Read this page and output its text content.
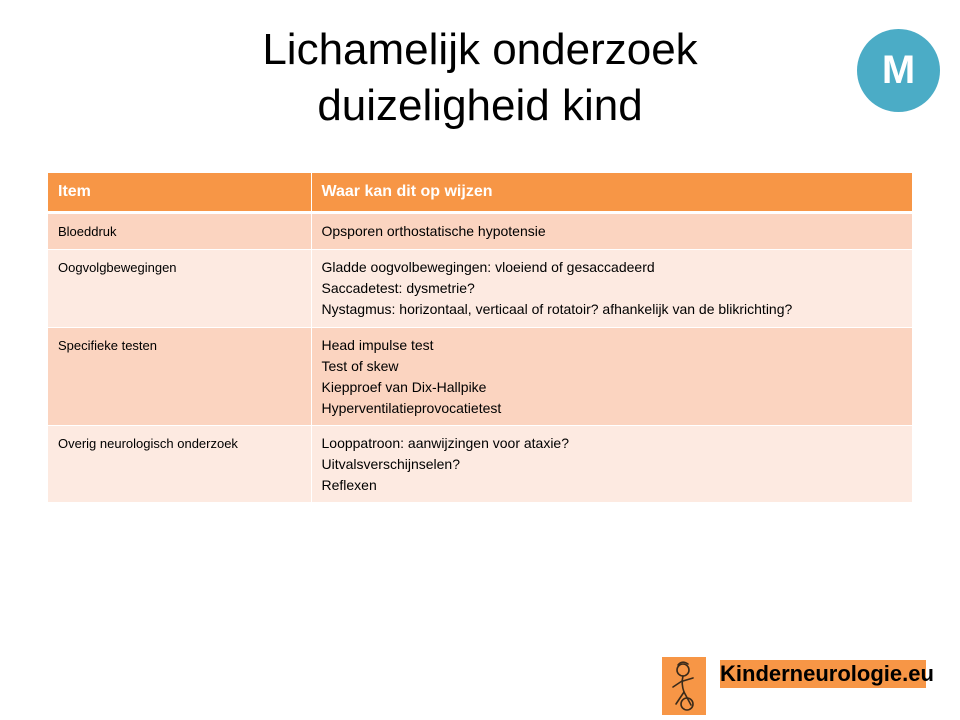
Lichamelijk onderzoek
duizeligheid kind
M
Item	Waar kan dit op wijzen
Bloeddruk	Opsporen orthostatische hypotensie

Oogvolgbewegingen	Gladde oogvolbewegingen: vloeiend of gesaccadeerd
Saccadetest: dysmetrie?
Nystagmus: horizontaal, verticaal of rotatoir? afhankelijk van de blikrichting?

Specifieke testen	Head impulse test
Test of skew
Kiepproef van Dix-Hallpike
Hyperventilatieprovocatietest

Overig neurologisch onderzoek	Looppatroon: aanwijzingen voor ataxie?
Uitvalsverschijnselen?
Reflexen
Kinderneurologie.eu
